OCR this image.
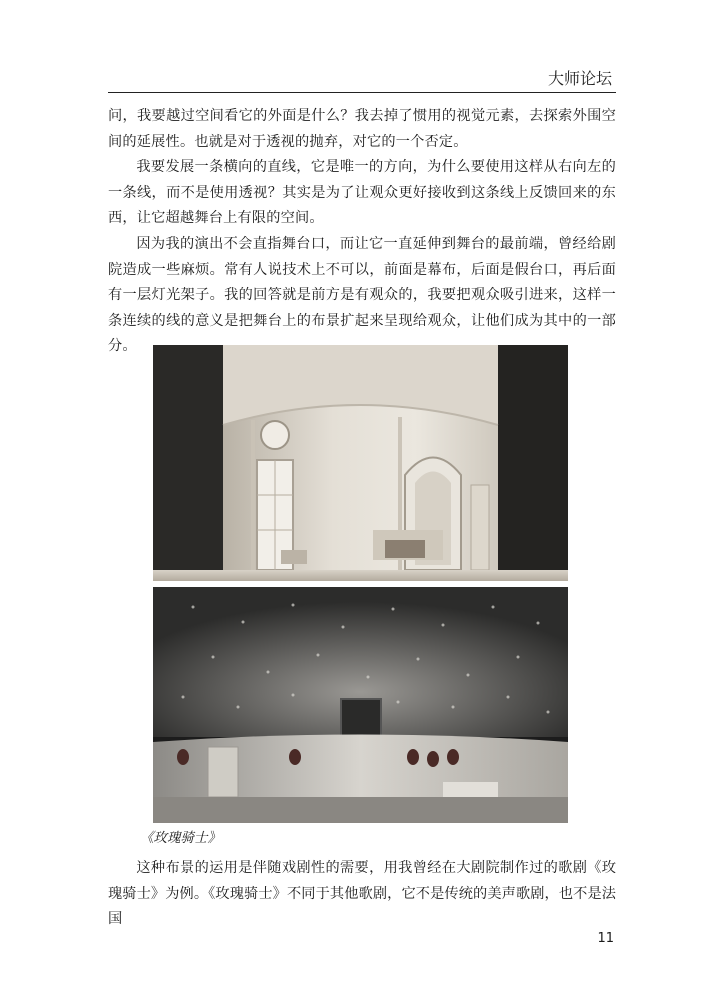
大师论坛

问，我要越过空间看它的外面是什么？我去掉了惯用的视觉元素，去探索外围空间的延展性。也就是对于透视的抛弃，对它的一个否定。

我要发展一条横向的直线，它是唯一的方向，为什么要使用这样从右向左的一条线，而不是使用透视？其实是为了让观众更好接收到这条线上反馈回来的东西，让它超越舞台上有限的空间。

因为我的演出不会直指舞台口，而让它一直延伸到舞台的最前端，曾经给剧院造成一些麻烦。常有人说技术上不可以，前面是幕布，后面是假台口，再后面有一层灯光架子。我的回答就是前方是有观众的，我要把观众吸引进来，这样一条连续的线的意义是把舞台上的布景扩起来呈现给观众，让他们成为其中的一部分。

《玫瑰骑士》

这种布景的运用是伴随戏剧性的需要，用我曾经在大剧院制作过的歌剧《玫瑰骑士》为例。《玫瑰骑士》不同于其他歌剧，它不是传统的美声歌剧，也不是法国

11
